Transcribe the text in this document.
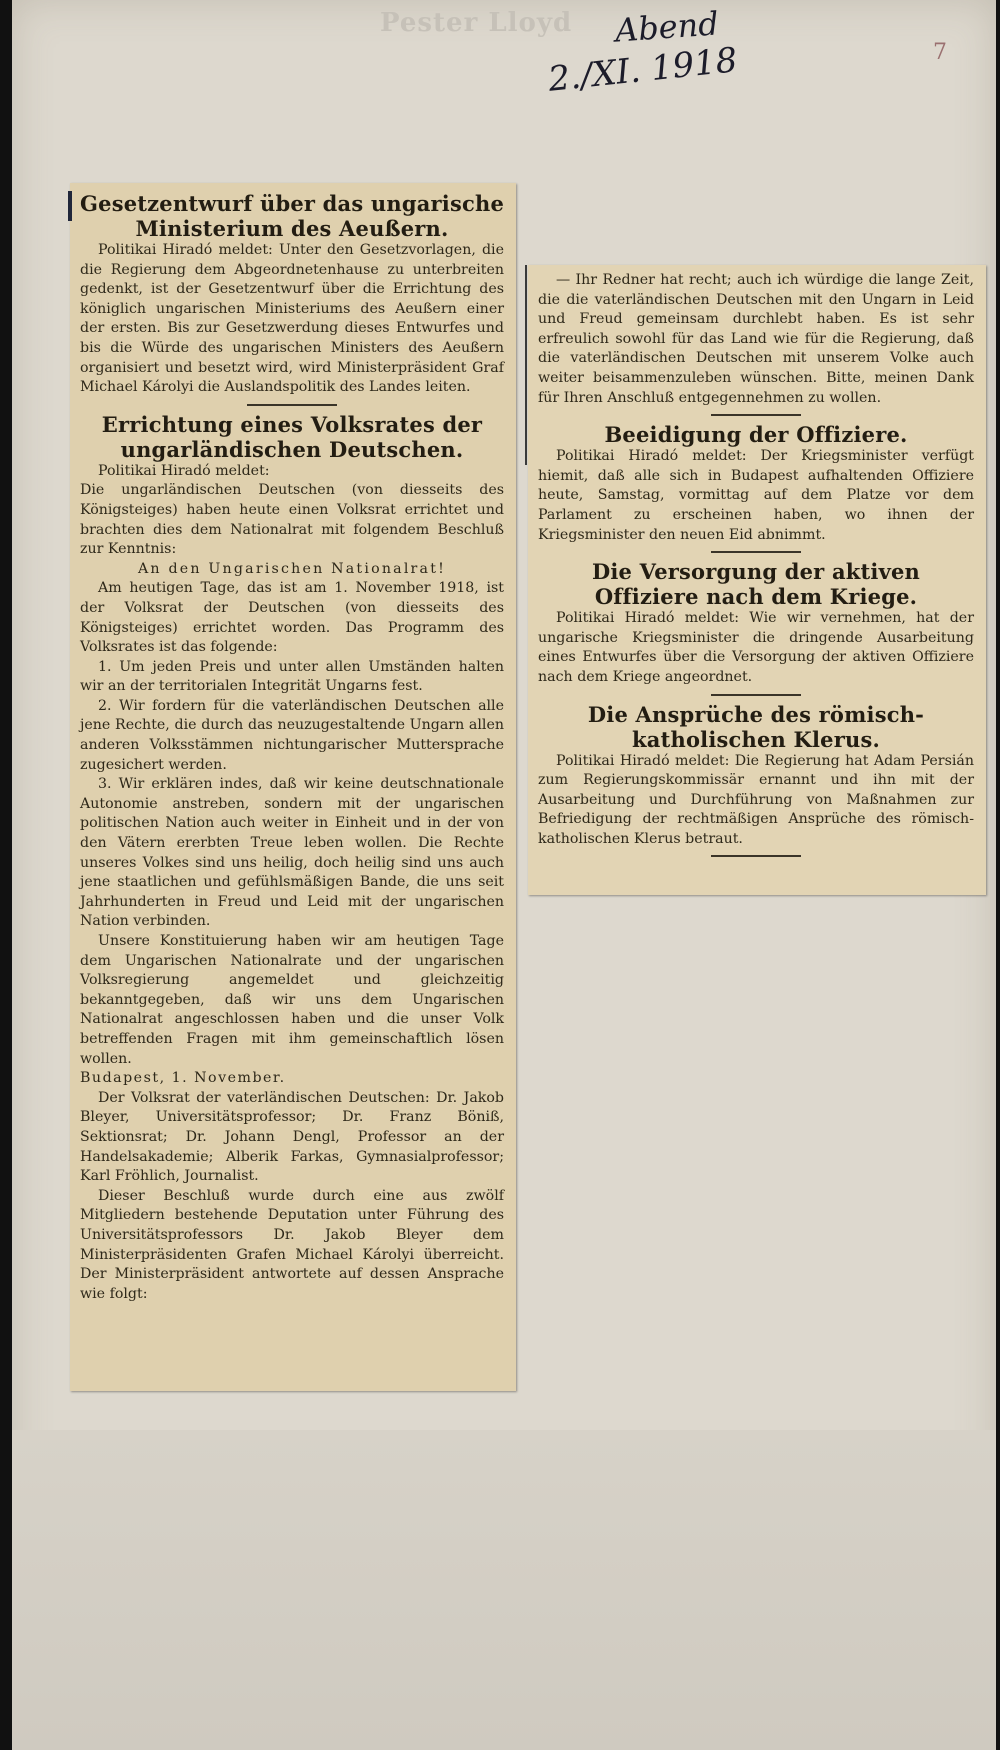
Pester Lloyd Abend
2./XI. 1918	7
Gesetzentwurf über das ungarische Ministerium des Aeußern.

Politikai Hiradó meldet: Unter den Gesetzvorlagen, die die Regierung dem Abgeordnetenhause zu unterbreiten gedenkt, ist der Gesetzentwurf über die Errichtung des königlich ungarischen Ministeriums des Aeußern einer der ersten. Bis zur Gesetzwerdung dieses Entwurfes und bis die Würde des ungarischen Ministers des Aeußern organisiert und besetzt wird, wird Ministerpräsident Graf Michael Károlyi die Auslandspolitik des Landes leiten.

Errichtung eines Volksrates der ungarländischen Deutschen.

Politikai Hiradó meldet:

Die ungarländischen Deutschen (von diesseits des Königsteiges) haben heute einen Volksrat errichtet und brachten dies dem Nationalrat mit folgendem Beschluß zur Kenntnis:

An den Ungarischen Nationalrat!

Am heutigen Tage, das ist am 1. November 1918, ist der Volksrat der Deutschen (von diesseits des Königsteiges) errichtet worden. Das Programm des Volksrates ist das folgende:

1. Um jeden Preis und unter allen Umständen halten wir an der territorialen Integrität Ungarns fest.

2. Wir fordern für die vaterländischen Deutschen alle jene Rechte, die durch das neuzugestaltende Ungarn allen anderen Volksstämmen nichtungarischer Muttersprache zugesichert werden.

3. Wir erklären indes, daß wir keine deutschnationale Autonomie anstreben, sondern mit der ungarischen politischen Nation auch weiter in Einheit und in der von den Vätern ererbten Treue leben wollen. Die Rechte unseres Volkes sind uns heilig, doch heilig sind uns auch jene staatlichen und gefühlsmäßigen Bande, die uns seit Jahrhunderten in Freud und Leid mit der ungarischen Nation verbinden.

Unsere Konstituierung haben wir am heutigen Tage dem Ungarischen Nationalrate und der ungarischen Volksregierung angemeldet und gleichzeitig bekanntgegeben, daß wir uns dem Ungarischen Nationalrat angeschlossen haben und die unser Volk betreffenden Fragen mit ihm gemeinschaftlich lösen wollen.

Budapest, 1. November.

Der Volksrat der vaterländischen Deutschen: Dr. Jakob Bleyer, Universitätsprofessor; Dr. Franz Böniß, Sektionsrat; Dr. Johann Dengl, Professor an der Handelsakademie; Alberik Farkas, Gymnasialprofessor; Karl Fröhlich, Journalist.

Dieser Beschluß wurde durch eine aus zwölf Mitgliedern bestehende Deputation unter Führung des Universitätsprofessors Dr. Jakob Bleyer dem Ministerpräsidenten Grafen Michael Károlyi überreicht. Der Ministerpräsident antwortete auf dessen Ansprache wie folgt:

— Ihr Redner hat recht; auch ich würdige die lange Zeit, die die vaterländischen Deutschen mit den Ungarn in Leid und Freud gemeinsam durchlebt haben. Es ist sehr erfreulich sowohl für das Land wie für die Regierung, daß die vaterländischen Deutschen mit unserem Volke auch weiter beisammenzuleben wünschen. Bitte, meinen Dank für Ihren Anschluß entgegennehmen zu wollen.

Beeidigung der Offiziere.

Politikai Hiradó meldet: Der Kriegsminister verfügt hiemit, daß alle sich in Budapest aufhaltenden Offiziere heute, Samstag, vormittag auf dem Platze vor dem Parlament zu erscheinen haben, wo ihnen der Kriegsminister den neuen Eid abnimmt.

Die Versorgung der aktiven Offiziere nach dem Kriege.

Politikai Hiradó meldet: Wie wir vernehmen, hat der ungarische Kriegsminister die dringende Ausarbeitung eines Entwurfes über die Versorgung der aktiven Offiziere nach dem Kriege angeordnet.

Die Ansprüche des römisch-katholischen Klerus.

Politikai Hiradó meldet: Die Regierung hat Adam Persián zum Regierungskommissär ernannt und ihn mit der Ausarbeitung und Durchführung von Maßnahmen zur Befriedigung der rechtmäßigen Ansprüche des römisch-katholischen Klerus betraut.
